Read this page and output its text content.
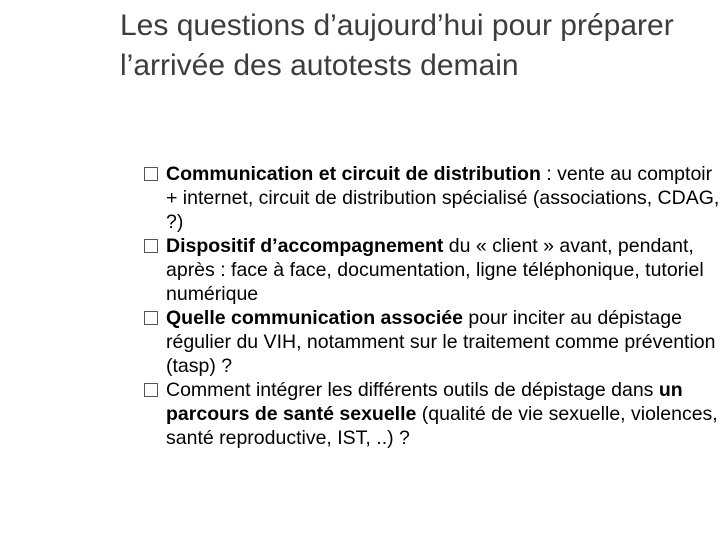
Les questions d’aujourd’hui pour préparer l’arrivée des autotests demain
Communication et circuit de distribution : vente au comptoir + internet, circuit de distribution spécialisé (associations, CDAG, ?)
Dispositif d’accompagnement du « client » avant, pendant, après : face à face, documentation, ligne téléphonique, tutoriel numérique
Quelle communication associée pour inciter au dépistage régulier du VIH, notamment sur le traitement comme prévention (tasp) ?
Comment intégrer les différents outils de dépistage dans un parcours de santé sexuelle (qualité de vie sexuelle, violences, santé reproductive, IST, ..) ?
